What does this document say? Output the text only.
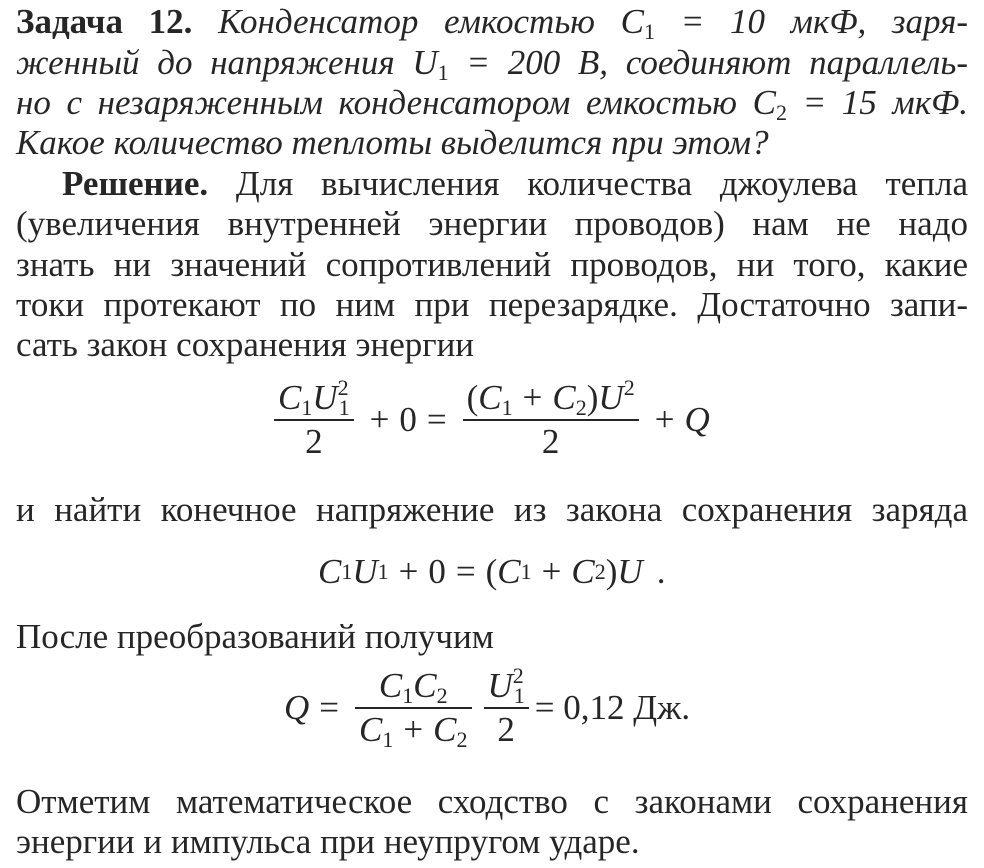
Задача 12. Конденсатор емкостью $C_1 = 10$ мкФ, заря-
женный до напряжения $U_1 = 200$ В, соединяют параллель-
но с незаряженным конденсатором емкостью $C_2 = 15$ мкФ.
Какое количество теплоты выделится при этом?
Решение. Для вычисления количества джоулева тепла
(увеличения внутренней энергии проводов) нам не надо
знать ни значений сопротивлений проводов, ни того, какие
токи протекают по ним при перезарядке. Достаточно запи-
сать закон сохранения энергии
$\frac{C_1U^2_1}{2} + 0 = \frac{(C_1 + C_2)U^2}{2} + Q$
и найти конечное напряжение из закона сохранения заряда
C 1 U 1 + 0 = ( C 1 + C 2 ) U .
После преобразований получим
$Q = \frac{C_1C_2}{C_1 + C_2} \frac{U^2_1}{2} = 0,12$ Дж.
Отметим математическое сходство с законами сохранения
энергии и импульса при неупругом ударе.
